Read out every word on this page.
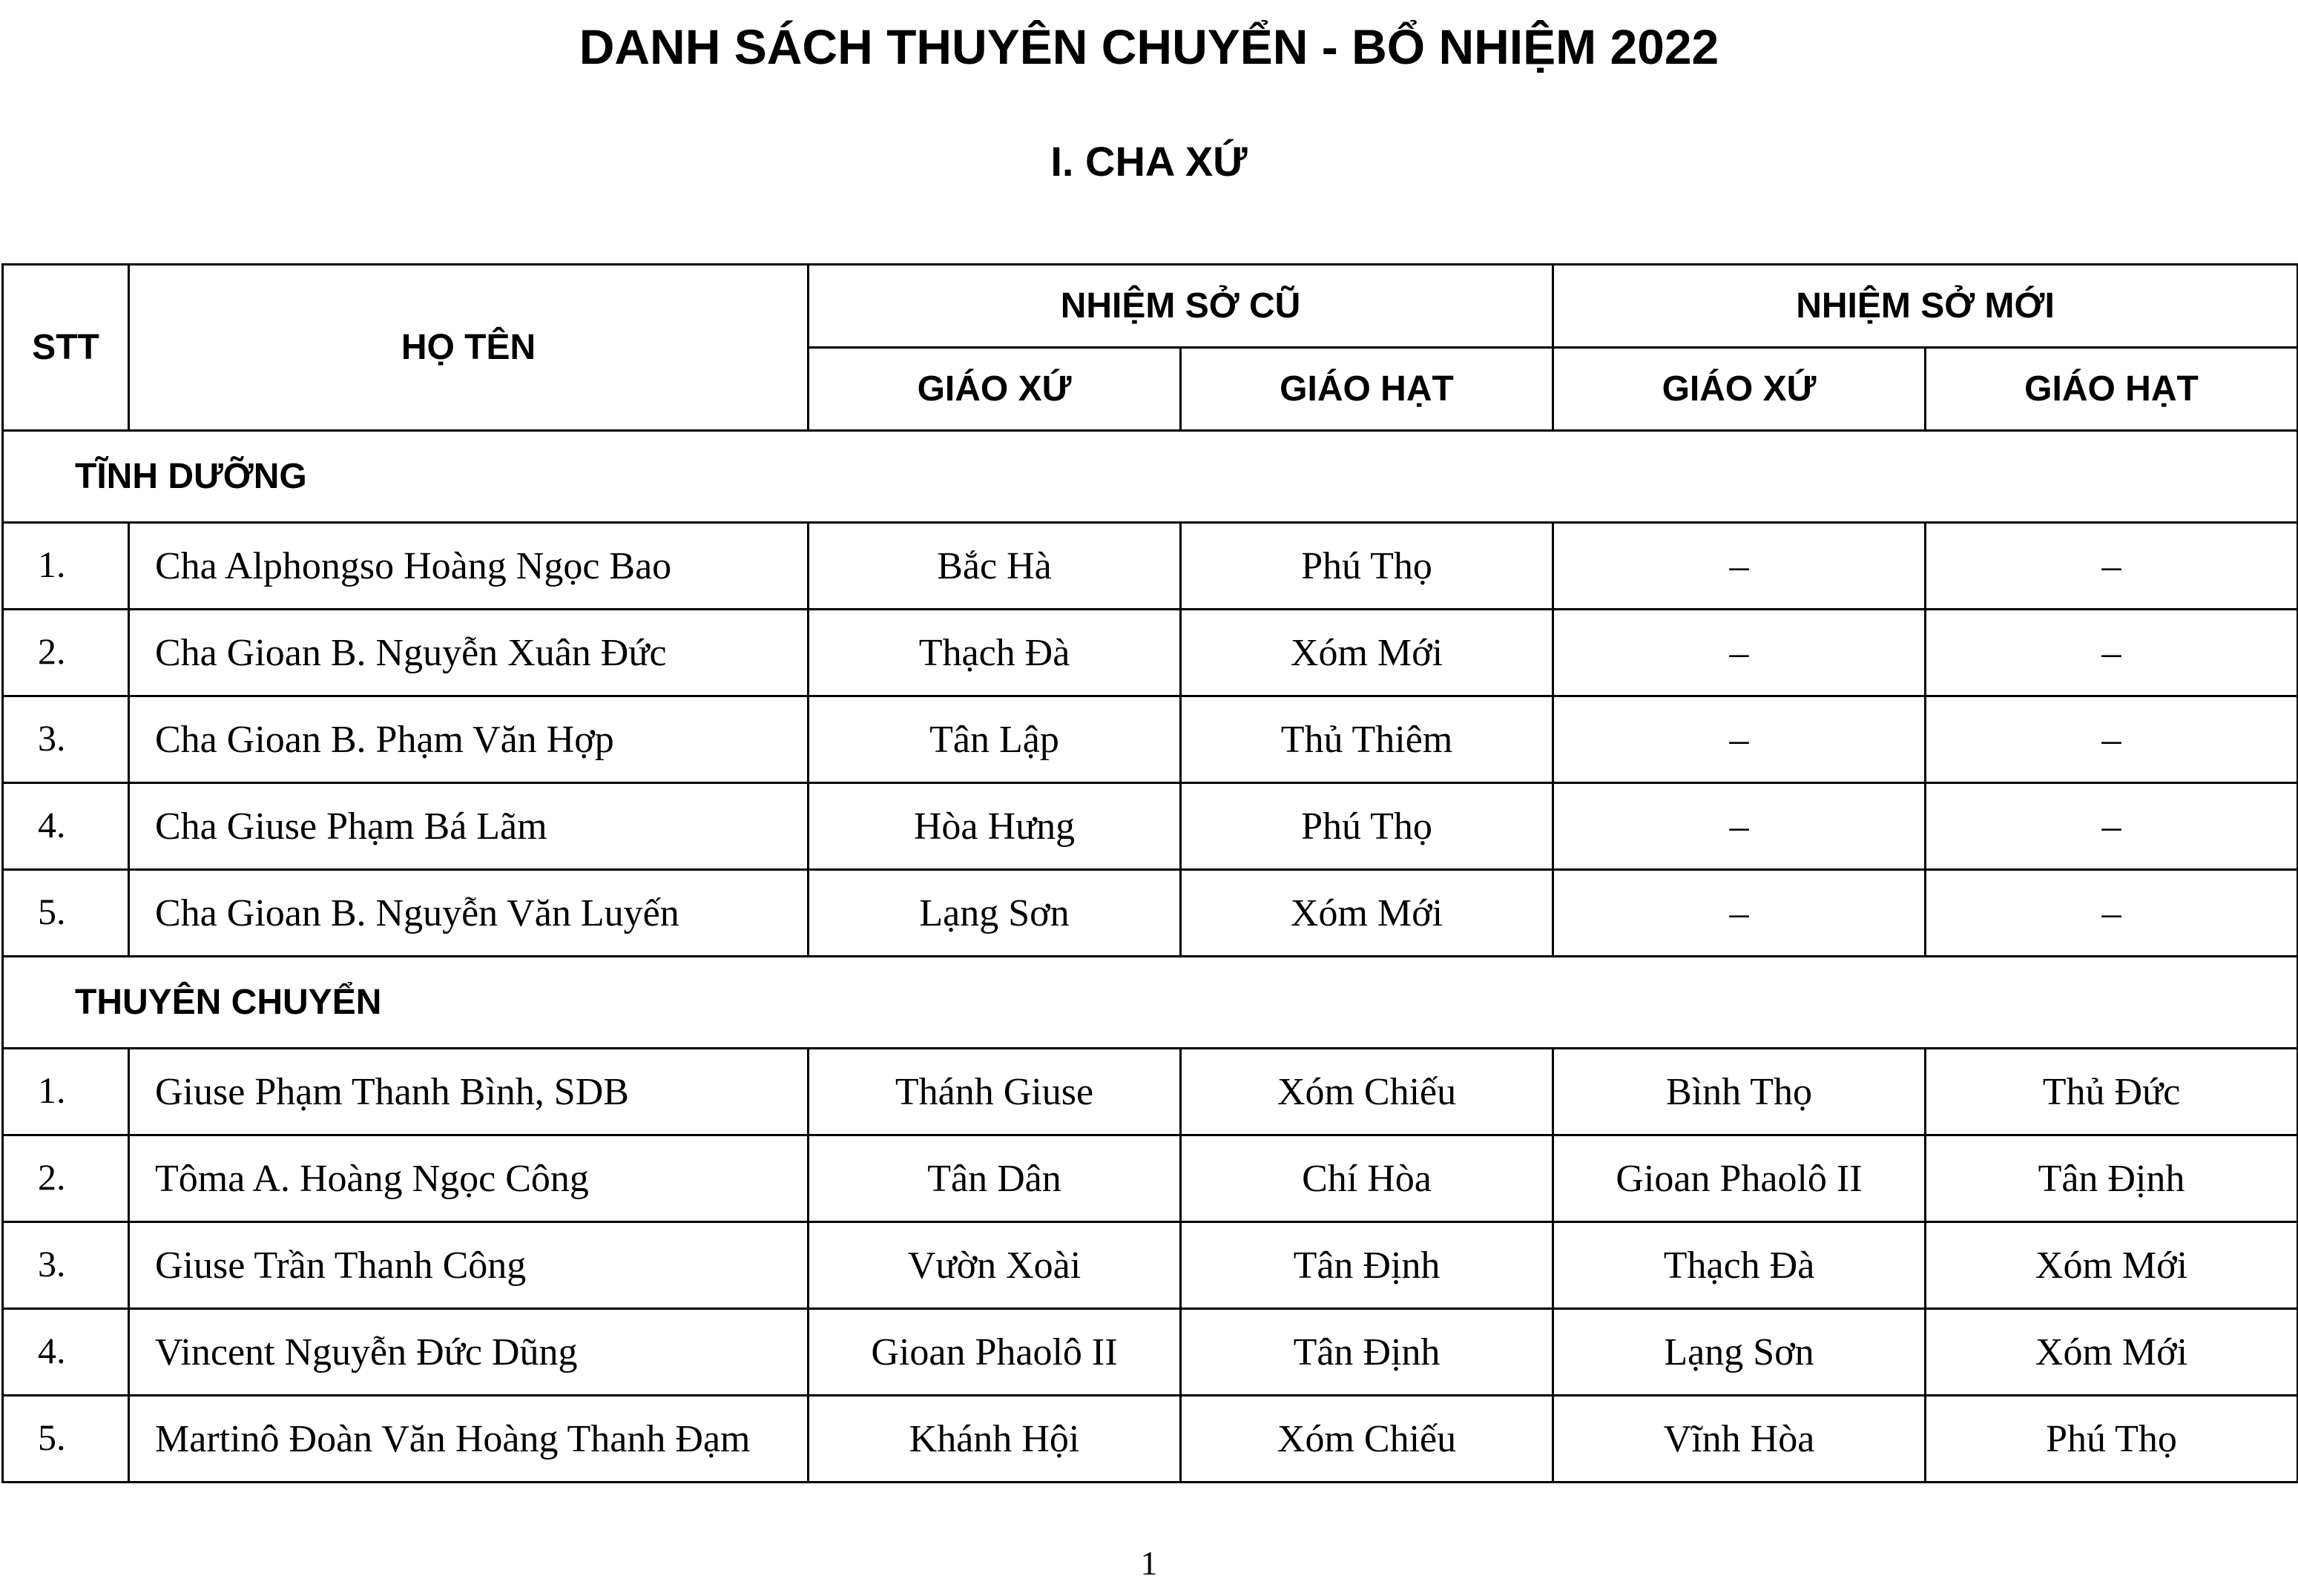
DANH SÁCH THUYÊN CHUYỂN - BỔ NHIỆM 2022
I. CHA XỨ
STT	HỌ TÊN	NHIỆM SỞ CŨ		NHIỆM SỞ MỚI	
		GIÁO XỨ	GIÁO HẠT	GIÁO XỨ	GIÁO HẠT
TĨNH DƯỠNG					
1.	Cha Alphongso Hoàng Ngọc Bao	Bắc Hà	Phú Thọ	–	–
2.	Cha Gioan B. Nguyễn Xuân Đức	Thạch Đà	Xóm Mới	–	–
3.	Cha Gioan B. Phạm Văn Hợp	Tân Lập	Thủ Thiêm	–	–
4.	Cha Giuse Phạm Bá Lãm	Hòa Hưng	Phú Thọ	–	–
5.	Cha Gioan B. Nguyễn Văn Luyến	Lạng Sơn	Xóm Mới	–	–
THUYÊN CHUYỂN					
1.	Giuse Phạm Thanh Bình, SDB	Thánh Giuse	Xóm Chiếu	Bình Thọ	Thủ Đức
2.	Tôma A. Hoàng Ngọc Công	Tân Dân	Chí Hòa	Gioan Phaolô II	Tân Định
3.	Giuse Trần Thanh Công	Vườn Xoài	Tân Định	Thạch Đà	Xóm Mới
4.	Vincent Nguyễn Đức Dũng	Gioan Phaolô II	Tân Định	Lạng Sơn	Xóm Mới
5.	Martinô Đoàn Văn Hoàng Thanh Đạm	Khánh Hội	Xóm Chiếu	Vĩnh Hòa	Phú Thọ
1
